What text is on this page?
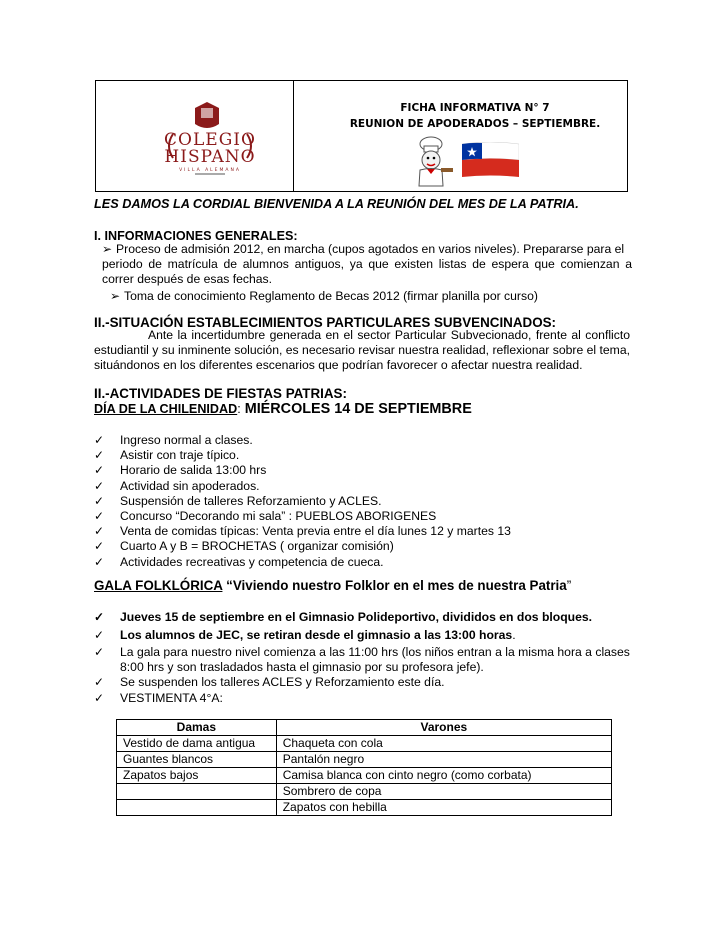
COLEGIO
HISPANO
VILLA ALEMANA
FICHA INFORMATIVA N° 7
REUNION DE APODERADOS – SEPTIEMBRE.
LES DAMOS LA CORDIAL BIENVENIDA A LA REUNIÓN DEL MES DE LA PATRIA.
I. INFORMACIONES GENERALES:
➢ Proceso de admisión 2012, en marcha (cupos agotados en varios niveles). Prepararse para el
periodo de matrícula de alumnos antiguos, ya que existen listas de espera que comienzan a
correr después de esas fechas.
➢ Toma de conocimiento Reglamento de Becas 2012 (firmar planilla por curso)
II.-SITUACIÓN ESTABLECIMIENTOS PARTICULARES SUBVENCINADOS:
Ante la incertidumbre generada en el sector Particular Subvecionado, frente al conflicto
estudiantil y su inminente solución, es necesario revisar nuestra realidad, reflexionar sobre el tema,
situándonos en los diferentes escenarios que podrían favorecer o afectar nuestra realidad.
II.-ACTIVIDADES DE FIESTAS PATRIAS:
DÍA DE LA CHILENIDAD: MIÉRCOLES 14 DE SEPTIEMBRE
✓ Ingreso normal a clases.
✓ Asistir con traje típico.
✓ Horario de salida 13:00 hrs
✓ Actividad sin apoderados.
✓ Suspensión de talleres Reforzamiento y ACLES.
✓ Concurso “Decorando mi sala” : PUEBLOS ABORIGENES
✓ Venta de comidas típicas: Venta previa entre el día lunes 12 y martes 13
✓ Cuarto A y B = BROCHETAS ( organizar comisión)
✓ Actividades recreativas y competencia de cueca.
GALA FOLKLÓRICA “Viviendo nuestro Folklor en el mes de nuestra Patria”
✓ Jueves 15 de septiembre en el Gimnasio Polideportivo, divididos en dos bloques.
✓ Los alumnos de JEC, se retiran desde el gimnasio a las 13:00 horas.
✓ La gala para nuestro nivel comienza a las 11:00 hrs (los niños entran a la misma hora a clases 8:00 hrs y son trasladados hasta el gimnasio por su profesora jefe).
✓ Se suspenden los talleres ACLES y Reforzamiento este día.
✓ VESTIMENTA 4°A:
Damas	Varones
Vestido de dama antigua	Chaqueta con cola
Guantes blancos	Pantalón negro
Zapatos bajos	Camisa blanca con cinto negro (como corbata)
	Sombrero de copa
	Zapatos con hebilla
